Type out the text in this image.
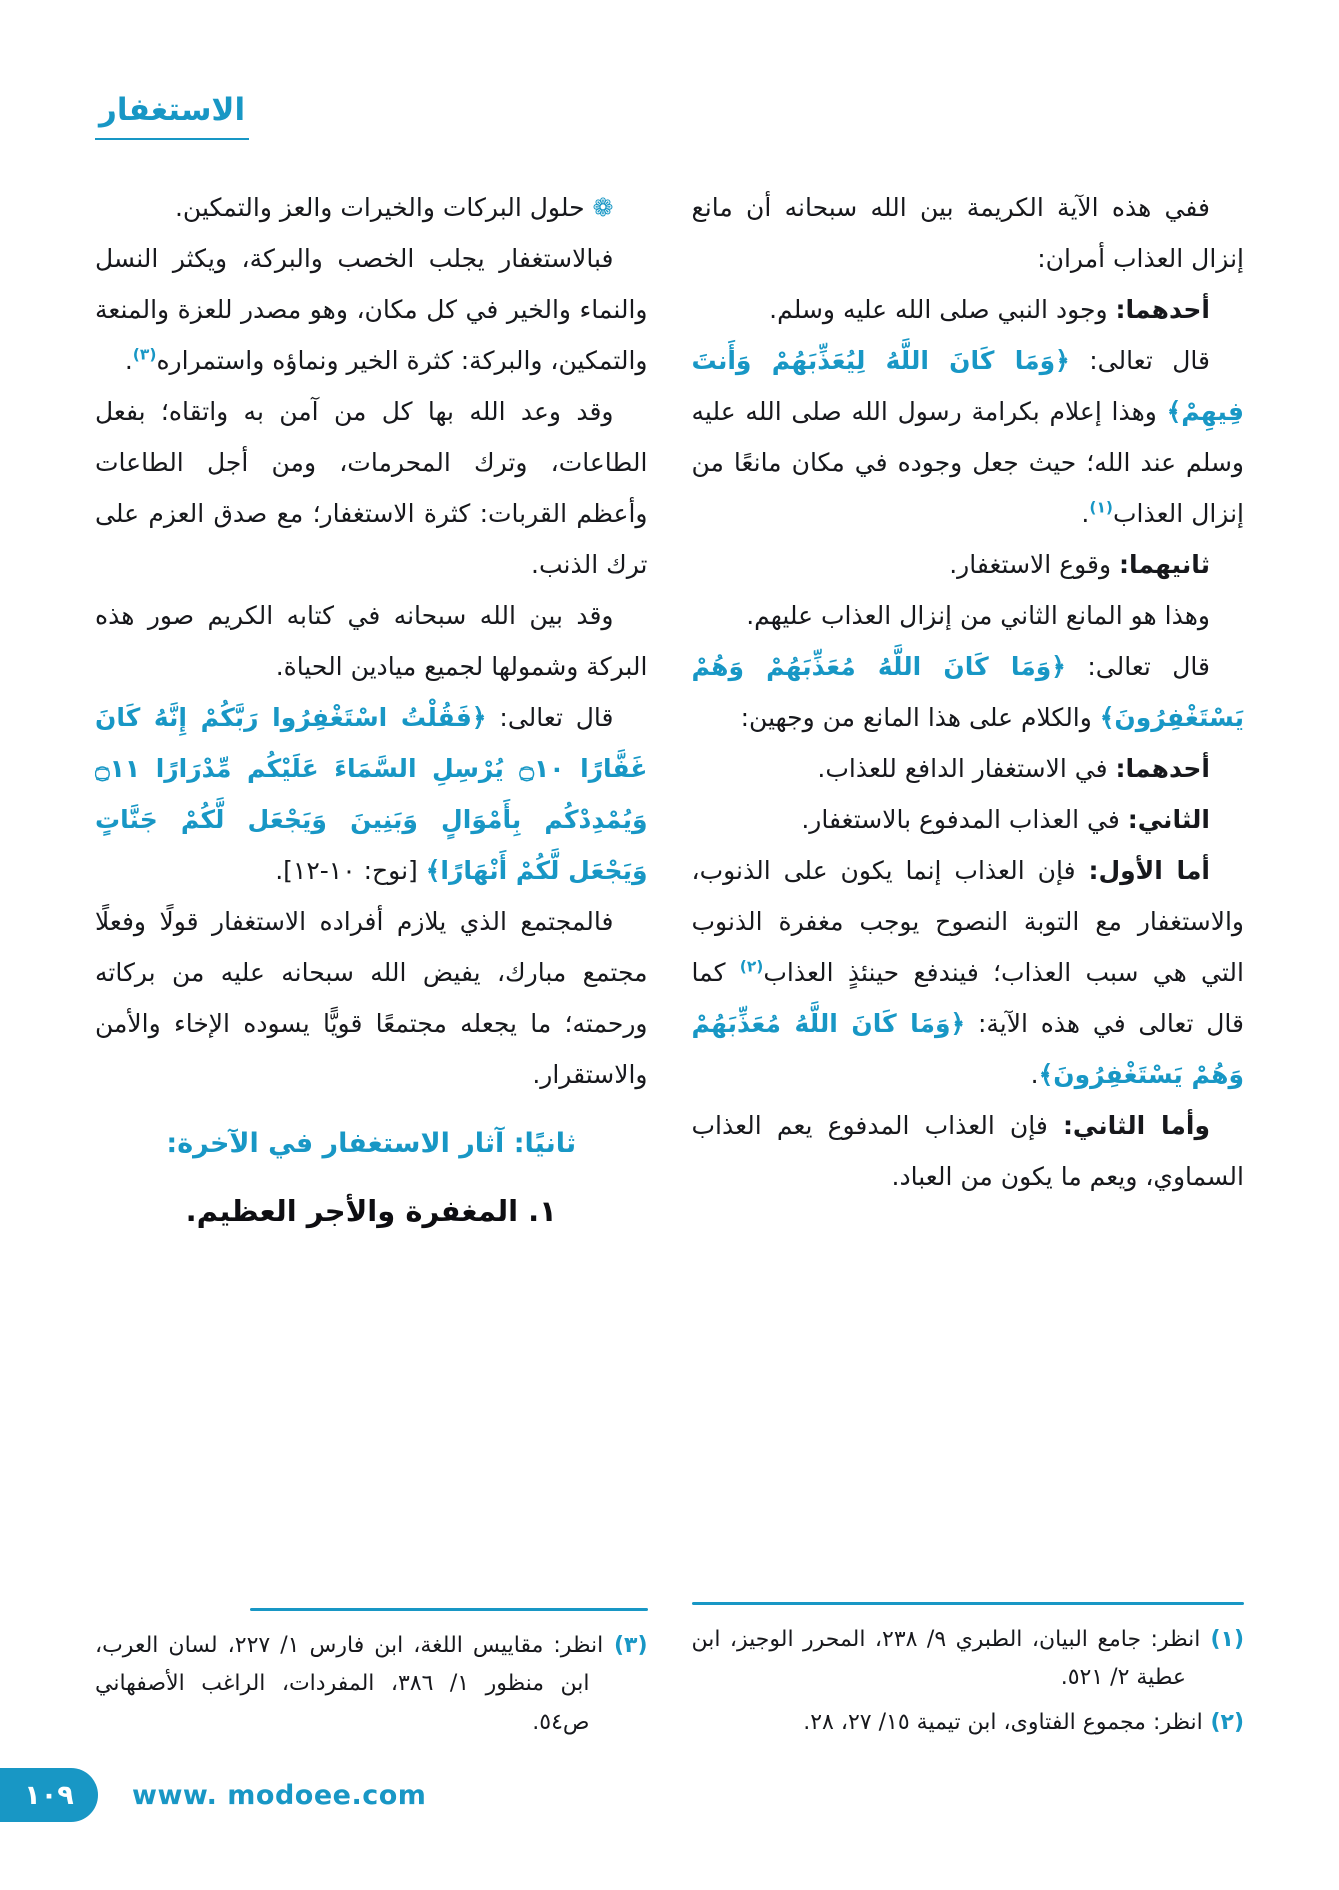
الاستغفار

ففي هذه الآية الكريمة بين الله سبحانه أن مانع إنزال العذاب أمران:

أحدهما: وجود النبي صلى الله عليه وسلم.

قال تعالى: ﴿وَمَا كَانَ اللَّهُ لِيُعَذِّبَهُمْ وَأَنتَ فِيهِمْ﴾ وهذا إعلام بكرامة رسول الله صلى الله عليه وسلم عند الله؛ حيث جعل وجوده في مكان مانعًا من إنزال العذاب$^{(١)}$.

ثانيهما: وقوع الاستغفار.

وهذا هو المانع الثاني من إنزال العذاب عليهم.

قال تعالى: ﴿وَمَا كَانَ اللَّهُ مُعَذِّبَهُمْ وَهُمْ يَسْتَغْفِرُونَ﴾ والكلام على هذا المانع من وجهين:

أحدهما: في الاستغفار الدافع للعذاب.

الثاني: في العذاب المدفوع بالاستغفار.

أما الأول: فإن العذاب إنما يكون على الذنوب، والاستغفار مع التوبة النصوح يوجب مغفرة الذنوب التي هي سبب العذاب؛ فيندفع حينئذٍ العذاب$^{(٢)}$ كما قال تعالى في هذه الآية: ﴿وَمَا كَانَ اللَّهُ مُعَذِّبَهُمْ وَهُمْ يَسْتَغْفِرُونَ﴾.

وأما الثاني: فإن العذاب المدفوع يعم العذاب السماوي، ويعم ما يكون من العباد.

(١) انظر: جامع البيان، الطبري ٩/ ٢٣٨، المحرر الوجيز، ابن عطية ٢/ ٥٢١.
(٢) انظر: مجموع الفتاوى، ابن تيمية ١٥/ ٢٧، ٢٨.

❁ حلول البركات والخيرات والعز والتمكين.

فبالاستغفار يجلب الخصب والبركة، ويكثر النسل والنماء والخير في كل مكان، وهو مصدر للعزة والمنعة والتمكين، والبركة: كثرة الخير ونماؤه واستمراره$^{(٣)}$.

وقد وعد الله بها كل من آمن به واتقاه؛ بفعل الطاعات، وترك المحرمات، ومن أجل الطاعات وأعظم القربات: كثرة الاستغفار؛ مع صدق العزم على ترك الذنب.

وقد بين الله سبحانه في كتابه الكريم صور هذه البركة وشمولها لجميع ميادين الحياة.

قال تعالى: ﴿فَقُلْتُ اسْتَغْفِرُوا رَبَّكُمْ إِنَّهُ كَانَ غَفَّارًا ۝١٠ يُرْسِلِ السَّمَاءَ عَلَيْكُم مِّدْرَارًا ۝١١ وَيُمْدِدْكُم بِأَمْوَالٍ وَبَنِينَ وَيَجْعَل لَّكُمْ جَنَّاتٍ وَيَجْعَل لَّكُمْ أَنْهَارًا﴾ [نوح: ١٠-١٢].

فالمجتمع الذي يلازم أفراده الاستغفار قولًا وفعلًا مجتمع مبارك، يفيض الله سبحانه عليه من بركاته ورحمته؛ ما يجعله مجتمعًا قويًّا يسوده الإخاء والأمن والاستقرار.

ثانيًا: آثار الاستغفار في الآخرة:

١. المغفرة والأجر العظيم.

(٣) انظر: مقاييس اللغة، ابن فارس ١/ ٢٢٧، لسان العرب، ابن منظور ١/ ٣٨٦، المفردات، الراغب الأصفهاني ص٥٤.
١٠٩ www. modoee.com
